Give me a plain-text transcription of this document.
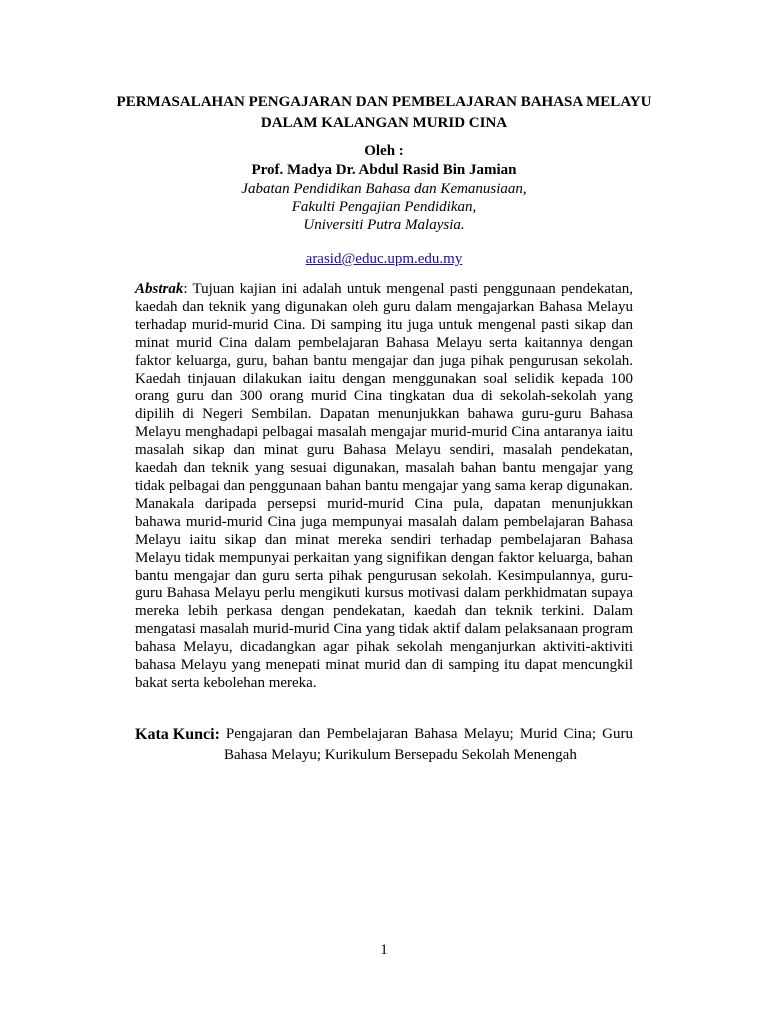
PERMASALAHAN PENGAJARAN DAN PEMBELAJARAN BAHASA MELAYU
DALAM KALANGAN MURID CINA
Oleh :
Prof. Madya Dr. Abdul Rasid Bin Jamian
Jabatan Pendidikan Bahasa dan Kemanusiaan,
Fakulti Pengajian Pendidikan,
Universiti Putra Malaysia.
arasid@educ.upm.edu.my

Abstrak: Tujuan kajian ini adalah untuk mengenal pasti penggunaan pendekatan, kaedah dan teknik yang digunakan oleh guru dalam mengajarkan Bahasa Melayu terhadap murid-murid Cina. Di samping itu juga untuk mengenal pasti sikap dan minat murid Cina dalam pembelajaran Bahasa Melayu serta kaitannya dengan faktor keluarga, guru, bahan bantu mengajar dan juga pihak pengurusan sekolah. Kaedah tinjauan dilakukan iaitu dengan menggunakan soal selidik kepada 100 orang guru dan 300 orang murid Cina tingkatan dua di sekolah-sekolah yang dipilih di Negeri Sembilan. Dapatan menunjukkan bahawa guru-guru Bahasa Melayu menghadapi pelbagai masalah mengajar murid-murid Cina antaranya iaitu masalah sikap dan minat guru Bahasa Melayu sendiri, masalah pendekatan, kaedah dan teknik yang sesuai digunakan, masalah bahan bantu mengajar yang tidak pelbagai dan penggunaan bahan bantu mengajar yang sama kerap digunakan. Manakala daripada persepsi murid-murid Cina pula, dapatan menunjukkan bahawa murid-murid Cina juga mempunyai masalah dalam pembelajaran Bahasa Melayu iaitu sikap dan minat mereka sendiri terhadap pembelajaran Bahasa Melayu tidak mempunyai perkaitan yang signifikan dengan faktor keluarga, bahan bantu mengajar dan guru serta pihak pengurusan sekolah. Kesimpulannya, guru-guru Bahasa Melayu perlu mengikuti kursus motivasi dalam perkhidmatan supaya mereka lebih perkasa dengan pendekatan, kaedah dan teknik terkini. Dalam mengatasi masalah murid-murid Cina yang tidak aktif dalam pelaksanaan program bahasa Melayu, dicadangkan agar pihak sekolah menganjurkan aktiviti-aktiviti bahasa Melayu yang menepati minat murid dan di samping itu dapat mencungkil bakat serta kebolehan mereka.

Kata Kunci: Pengajaran dan Pembelajaran Bahasa Melayu; Murid Cina; Guru
Bahasa Melayu; Kurikulum Bersepadu Sekolah Menengah
1
